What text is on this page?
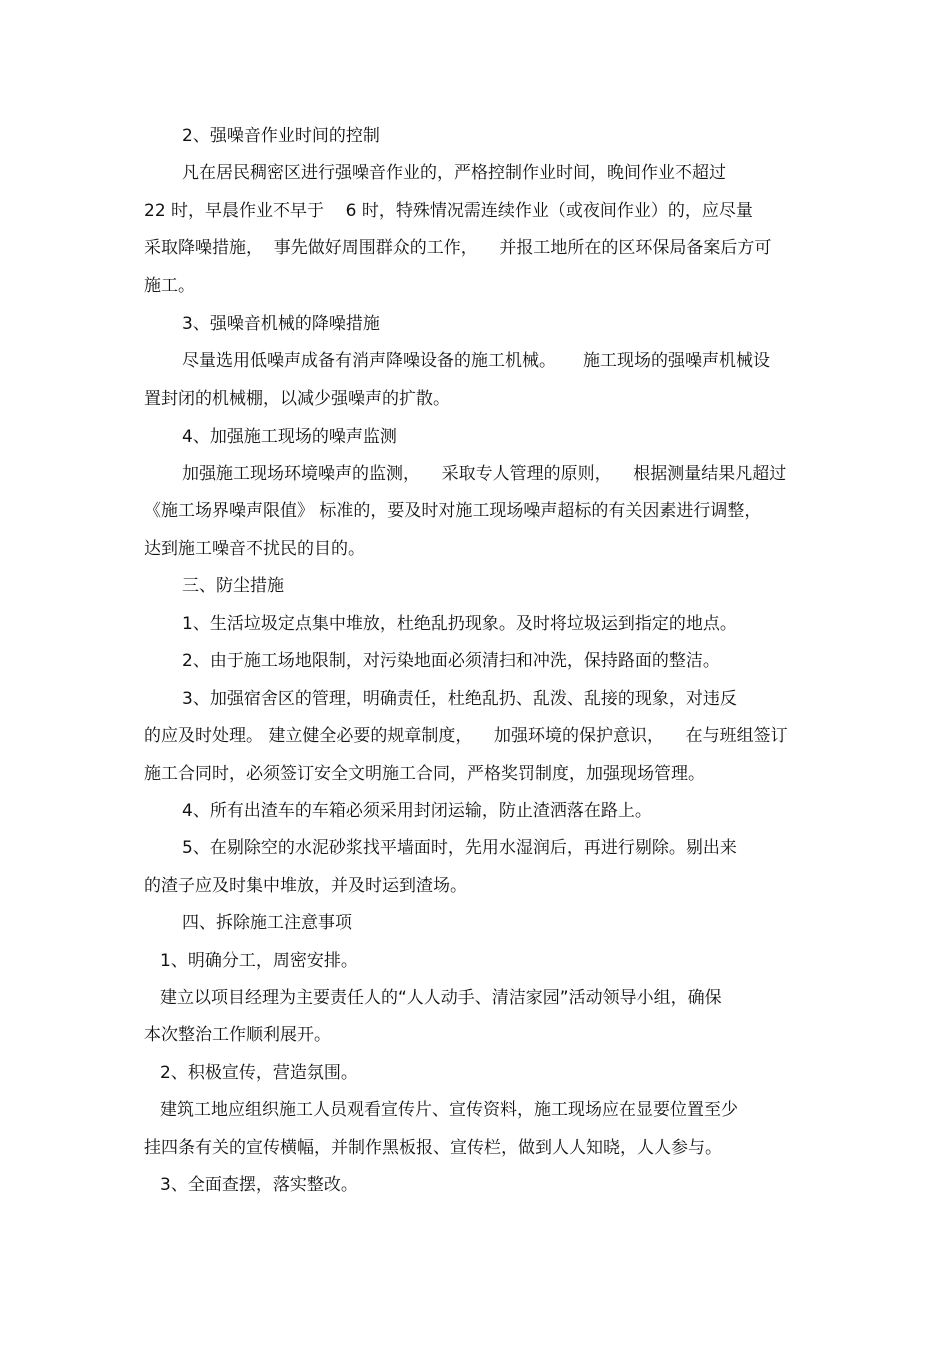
2、强噪音作业时间的控制

凡在居民稠密区进行强噪音作业的，严格控制作业时间，晚间作业不超过

22 时，早晨作业不早于    6 时，特殊情况需连续作业（或夜间作业）的，应尽量

采取降噪措施，  事先做好周围群众的工作，    并报工地所在的区环保局备案后方可

施工。

3、强噪音机械的降噪措施

尽量选用低噪声成备有消声降噪设备的施工机械。     施工现场的强噪声机械设

置封闭的机械棚，以减少强噪声的扩散。

4、加强施工现场的噪声监测

加强施工现场环境噪声的监测，    采取专人管理的原则，    根据测量结果凡超过

《施工场界噪声限值》 标准的，要及时对施工现场噪声超标的有关因素进行调整，

达到施工噪音不扰民的目的。

三、防尘措施

1、生活垃圾定点集中堆放，杜绝乱扔现象。及时将垃圾运到指定的地点。

2、由于施工场地限制，对污染地面必须清扫和冲洗，保持路面的整洁。

3、加强宿舍区的管理，明确责任，杜绝乱扔、乱泼、乱接的现象，对违反

的应及时处理。 建立健全必要的规章制度，    加强环境的保护意识，    在与班组签订

施工合同时，必须签订安全文明施工合同，严格奖罚制度，加强现场管理。

4、所有出渣车的车箱必须采用封闭运输，防止渣洒落在路上。

5、在剔除空的水泥砂浆找平墙面时，先用水湿润后，再进行剔除。剔出来

的渣子应及时集中堆放，并及时运到渣场。

四、拆除施工注意事项

1、明确分工，周密安排。

建立以项目经理为主要责任人的“人人动手、清洁家园”活动领导小组，确保

本次整治工作顺利展开。

2、积极宣传，营造氛围。

建筑工地应组织施工人员观看宣传片、宣传资料，施工现场应在显要位置至少

挂四条有关的宣传横幅，并制作黑板报、宣传栏，做到人人知晓，人人参与。

3、全面查摆，落实整改。
